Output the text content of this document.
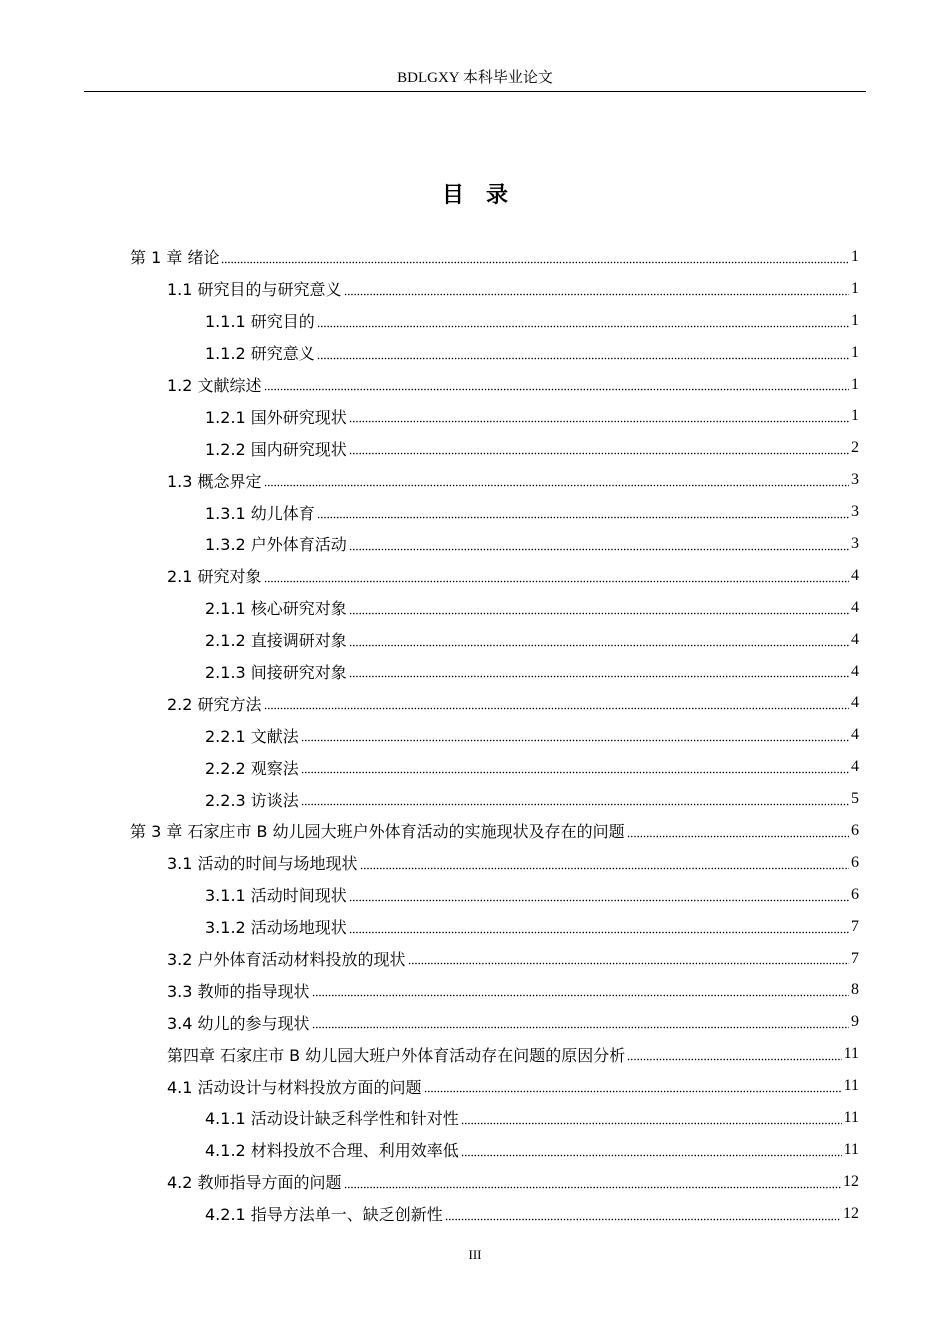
BDLGXY 本科毕业论文
目录
第 1 章 绪论	1
1.1 研究目的与研究意义	1
1.1.1 研究目的	1
1.1.2 研究意义	1
1.2 文献综述	1
1.2.1 国外研究现状	1
1.2.2 国内研究现状	2
1.3 概念界定	3
1.3.1 幼儿体育	3
1.3.2 户外体育活动	3
2.1 研究对象	4
2.1.1 核心研究对象	4
2.1.2 直接调研对象	4
2.1.3 间接研究对象	4
2.2 研究方法	4
2.2.1 文献法	4
2.2.2 观察法	4
2.2.3 访谈法	5
第 3 章 石家庄市 B 幼儿园大班户外体育活动的实施现状及存在的问题	6
3.1 活动的时间与场地现状	6
3.1.1 活动时间现状	6
3.1.2 活动场地现状	7
3.2 户外体育活动材料投放的现状	7
3.3 教师的指导现状	8
3.4 幼儿的参与现状	9
第四章 石家庄市 B 幼儿园大班户外体育活动存在问题的原因分析	11
4.1 活动设计与材料投放方面的问题	11
4.1.1 活动设计缺乏科学性和针对性	11
4.1.2 材料投放不合理、利用效率低	11
4.2 教师指导方面的问题	12
4.2.1 指导方法单一、缺乏创新性	12
III
